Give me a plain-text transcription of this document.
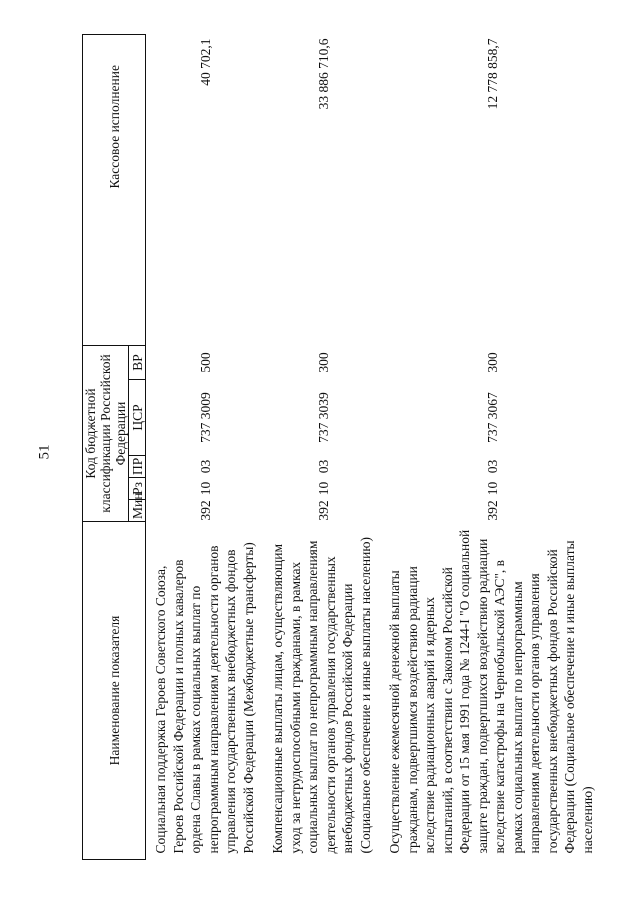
51
Наименование показателя	Код бюджетной классификации Российской Федерации					Кассовое исполнение
	Мин	Рз	ПР	ЦСР	ВР	
Социальная поддержка Героев Советского Союза, Героев Российской Федерации и полных кавалеров ордена Славы в рамках социальных выплат по непрограммным направлениям деятельности органов управления государственных внебюджетных фондов Российской Федерации (Межбюджетные трансферты)	392	10	03	737 3009	500	40 702,1
Компенсационные выплаты лицам, осуществляющим уход за нетрудоспособными гражданами, в рамках социальных выплат по непрограммным направлениям деятельности органов управления государственных внебюджетных фондов Российской Федерации (Социальное обеспечение и иные выплаты населению)	392	10	03	737 3039	300	33 886 710,6
Осуществление ежемесячной денежной выплаты гражданам, подвергшимся воздействию радиации вследствие радиационных аварий и ядерных испытаний, в соответствии с Законом Российской Федерации от 15 мая 1991 года № 1244-I "О социальной защите граждан, подвергшихся воздействию радиации вследствие катастрофы на Чернобыльской АЭС", в рамках социальных выплат по непрограммным направлениям деятельности органов управления государственных внебюджетных фондов Российской Федерации (Социальное обеспечение и иные выплаты населению)	392	10	03	737 3067	300	12 778 858,7
